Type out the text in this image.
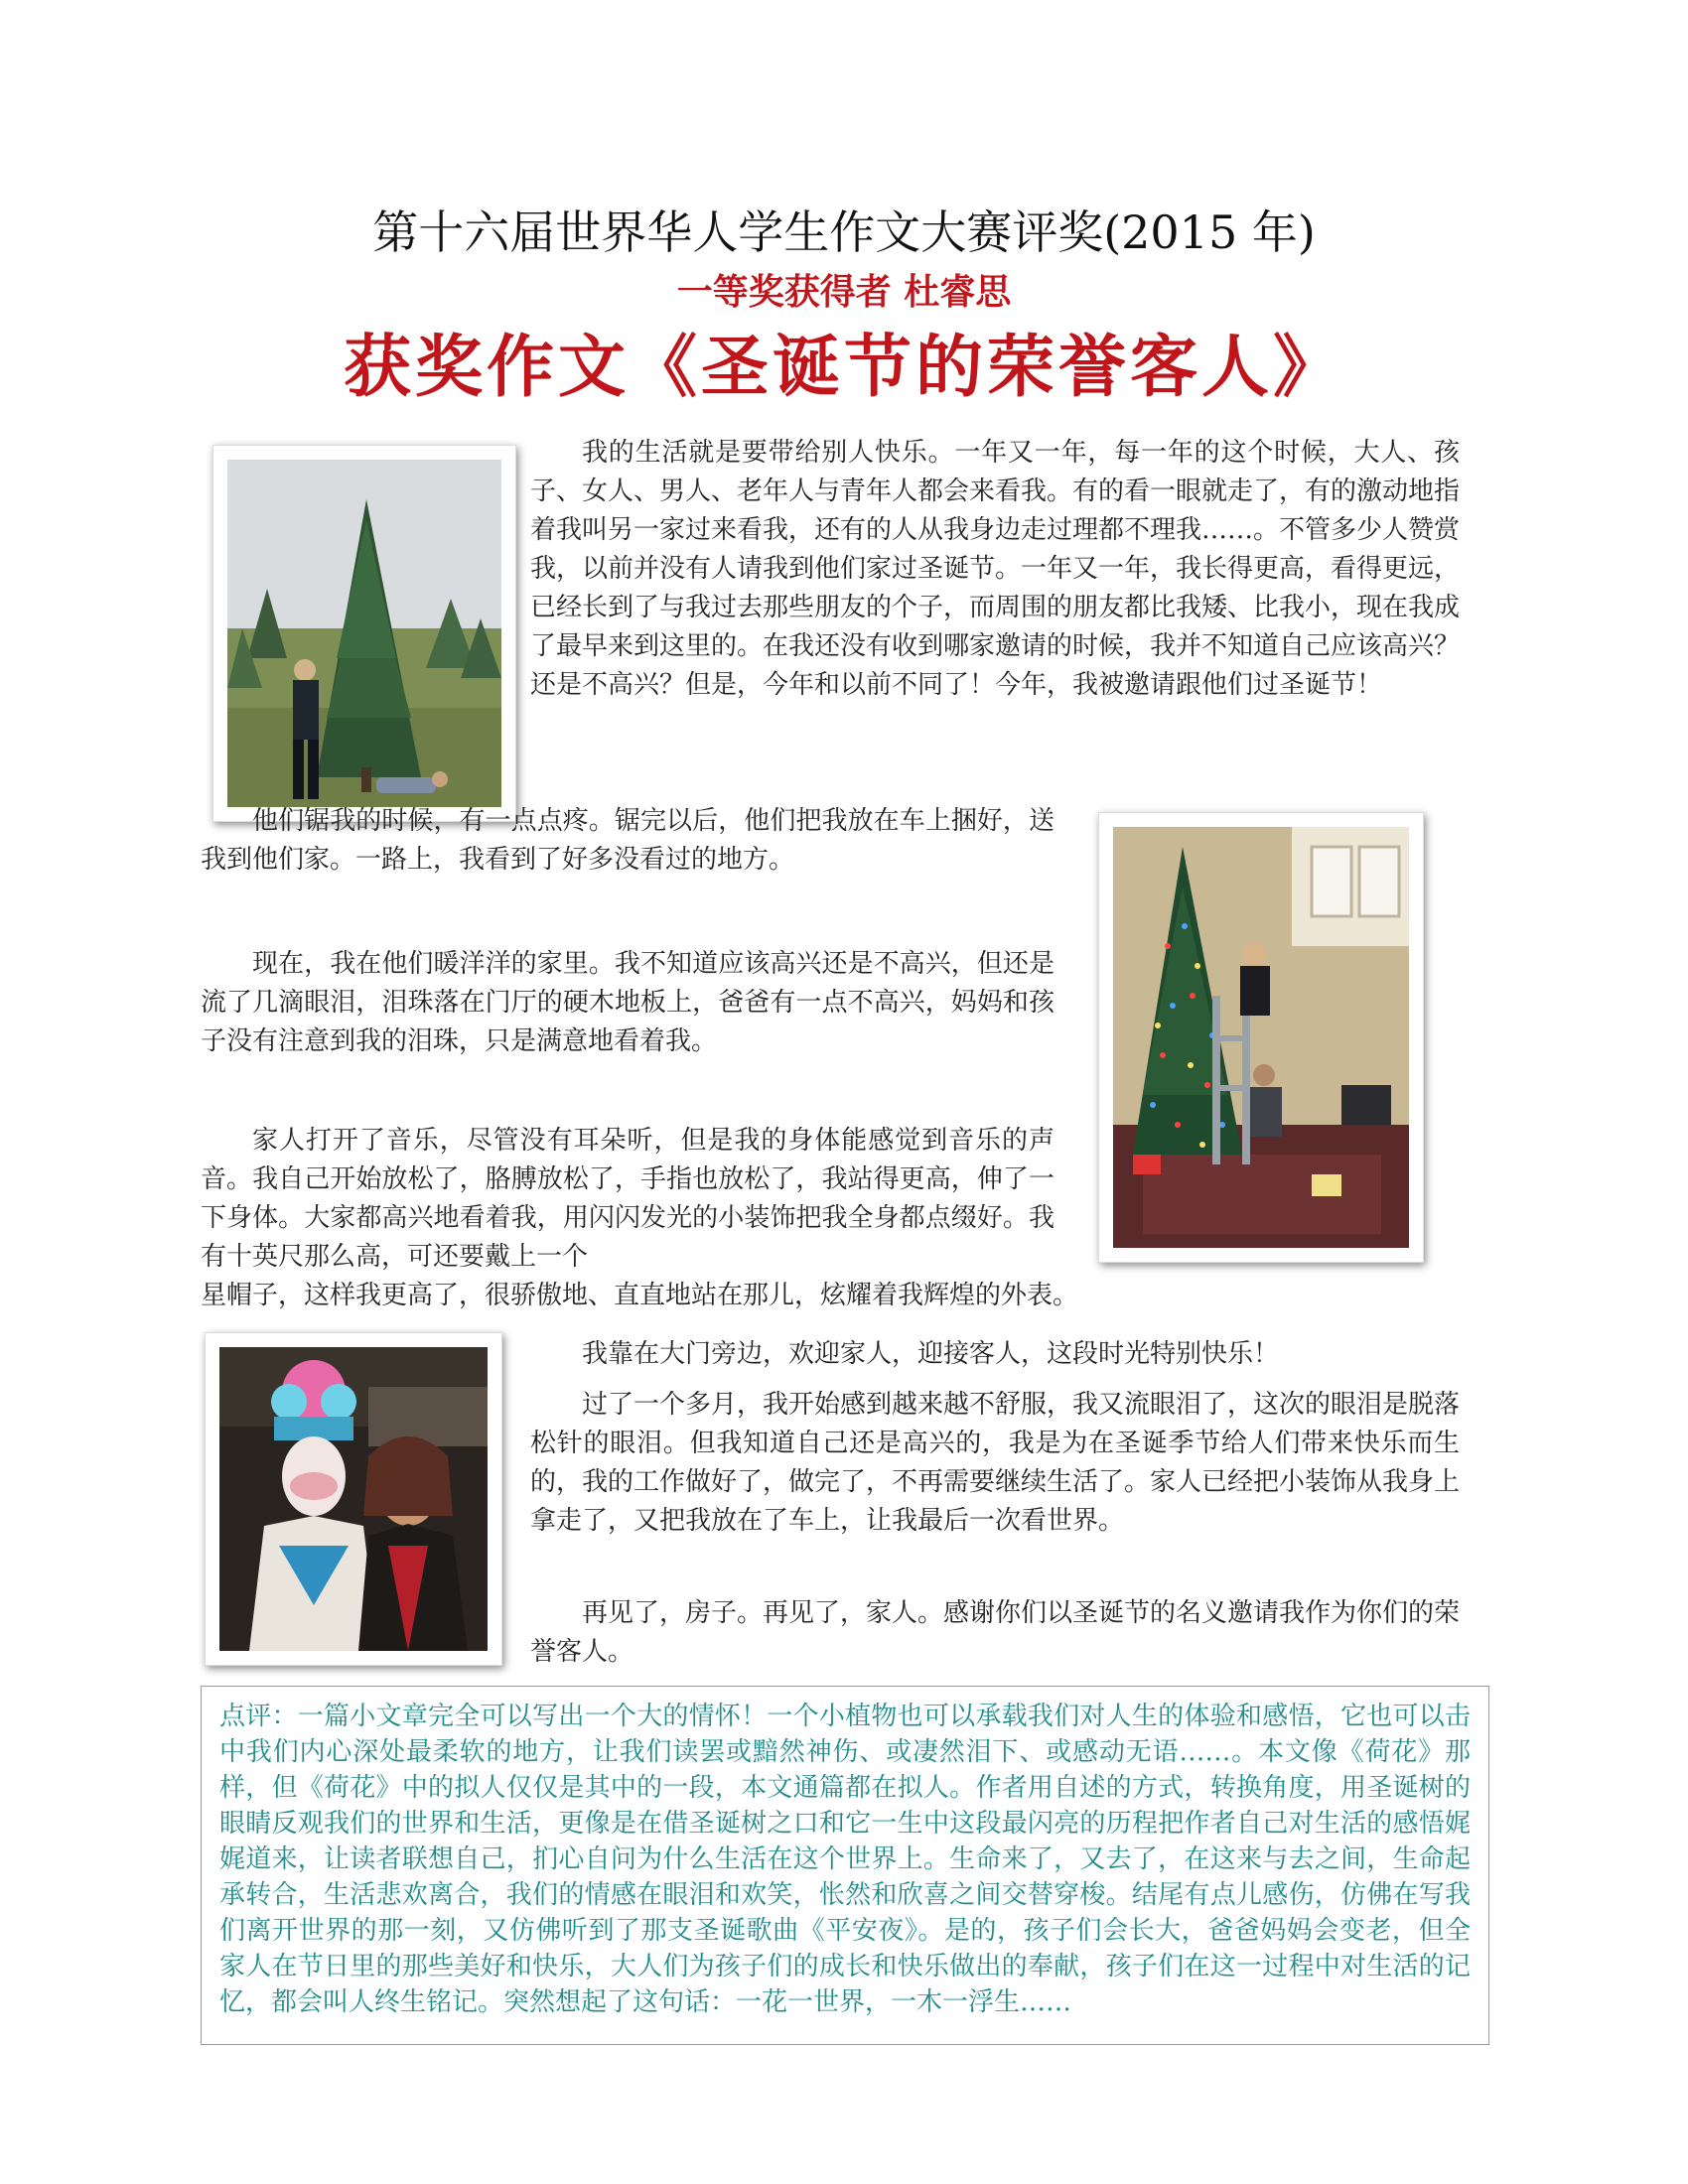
第十六届世界华人学生作文大赛评奖(2015 年)
一等奖获得者 杜睿思
获奖作文《圣诞节的荣誉客人》

我的生活就是要带给别人快乐。一年又一年，每一年的这个时候，大人、孩子、女人、男人、老年人与青年人都会来看我。有的看一眼就走了，有的激动地指着我叫另一家过来看我，还有的人从我身边走过理都不理我……。不管多少人赞赏我，以前并没有人请我到他们家过圣诞节。一年又一年，我长得更高，看得更远，已经长到了与我过去那些朋友的个子，而周围的朋友都比我矮、比我小，现在我成了最早来到这里的。在我还没有收到哪家邀请的时候，我并不知道自己应该高兴？还是不高兴？但是，今年和以前不同了！今年，我被邀请跟他们过圣诞节！

他们锯我的时候，有一点点疼。锯完以后，他们把我放在车上捆好，送我到他们家。一路上，我看到了好多没看过的地方。

现在，我在他们暖洋洋的家里。我不知道应该高兴还是不高兴，但还是流了几滴眼泪，泪珠落在门厅的硬木地板上，爸爸有一点不高兴，妈妈和孩子没有注意到我的泪珠，只是满意地看着我。

家人打开了音乐，尽管没有耳朵听，但是我的身体能感觉到音乐的声音。我自己开始放松了，胳膊放松了，手指也放松了，我站得更高，伸了一下身体。大家都高兴地看着我，用闪闪发光的小装饰把我全身都点缀好。我有十英尺那么高，可还要戴上一个

星帽子，这样我更高了，很骄傲地、直直地站在那儿，炫耀着我辉煌的外表。

我靠在大门旁边，欢迎家人，迎接客人，这段时光特别快乐！

过了一个多月，我开始感到越来越不舒服，我又流眼泪了，这次的眼泪是脱落松针的眼泪。但我知道自己还是高兴的，我是为在圣诞季节给人们带来快乐而生的，我的工作做好了，做完了，不再需要继续生活了。家人已经把小装饰从我身上拿走了，又把我放在了车上，让我最后一次看世界。

再见了，房子。再见了，家人。感谢你们以圣诞节的名义邀请我作为你们的荣誉客人。

点评：一篇小文章完全可以写出一个大的情怀！一个小植物也可以承载我们对人生的体验和感悟，它也可以击中我们内心深处最柔软的地方，让我们读罢或黯然神伤、或凄然泪下、或感动无语……。本文像《荷花》那样，但《荷花》中的拟人仅仅是其中的一段，本文通篇都在拟人。作者用自述的方式，转换角度，用圣诞树的眼睛反观我们的世界和生活，更像是在借圣诞树之口和它一生中这段最闪亮的历程把作者自己对生活的感悟娓娓道来，让读者联想自己，扪心自问为什么生活在这个世界上。生命来了，又去了，在这来与去之间，生命起承转合，生活悲欢离合，我们的情感在眼泪和欢笑，怅然和欣喜之间交替穿梭。结尾有点儿感伤，仿佛在写我们离开世界的那一刻，又仿佛听到了那支圣诞歌曲《平安夜》。是的，孩子们会长大，爸爸妈妈会变老，但全家人在节日里的那些美好和快乐，大人们为孩子们的成长和快乐做出的奉献，孩子们在这一过程中对生活的记忆，都会叫人终生铭记。突然想起了这句话：一花一世界，一木一浮生……
